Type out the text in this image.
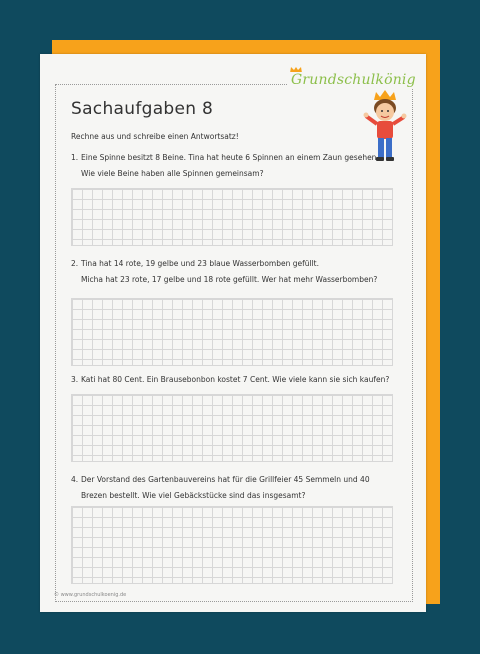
Grundschulkönig
Sachaufgaben 8
Rechne aus und schreibe einen Antwortsatz!
1. Eine Spinne besitzt 8 Beine. Tina hat heute 6 Spinnen an einem Zaun gesehen.
Wie viele Beine haben alle Spinnen gemeinsam?
2. Tina hat 14 rote, 19 gelbe und 23 blaue Wasserbomben gefüllt.
Micha hat 23 rote, 17 gelbe und 18 rote gefüllt. Wer hat mehr Wasserbomben?
3. Kati hat 80 Cent. Ein Brausebonbon kostet 7 Cent. Wie viele kann sie sich kaufen?
4. Der Vorstand des Gartenbauvereins hat für die Grillfeier 45 Semmeln und 40
Brezen bestellt. Wie viel Gebäckstücke sind das insgesamt?
© www.grundschulkoenig.de
